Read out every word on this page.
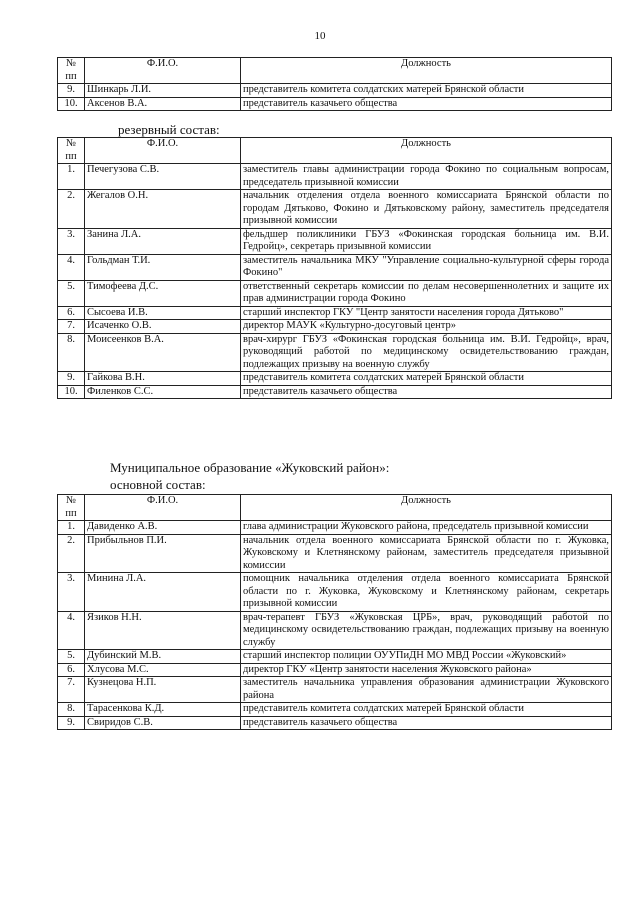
10
№ пп	Ф.И.О.	Должность
9.	Шинкарь Л.И.	представитель комитета солдатских матерей Брянской области
10.	Аксенов В.А.	представитель казачьего общества
резервный состав:
№ пп	Ф.И.О.	Должность
1.	Печегузова С.В.	заместитель главы администрации города Фокино по социальным вопросам, председатель призывной комиссии
2.	Жегалов О.Н.	начальник отделения отдела военного комиссариата Брянской области по городам Дятьково, Фокино и Дятьковскому району, заместитель председателя призывной комиссии
3.	Занина Л.А.	фельдшер поликлиники ГБУЗ «Фокинская городская больница им. В.И. Гедройц», секретарь призывной комиссии
4.	Гольдман Т.И.	заместитель начальника МКУ "Управление социально-культурной сферы города Фокино"
5.	Тимофеева Д.С.	ответственный секретарь комиссии по делам несовершеннолетних и защите их прав администрации города Фокино
6.	Сысоева И.В.	старший инспектор ГКУ "Центр занятости населения города Дятьково"
7.	Исаченко О.В.	директор МАУК «Культурно-досуговый центр»
8.	Моисеенков В.А.	врач-хирург ГБУЗ «Фокинская городская больница им. В.И. Гедройц», врач, руководящий работой по медицинскому освидетельствованию граждан, подлежащих призыву на военную службу
9.	Гайкова В.Н.	представитель комитета солдатских матерей Брянской области
10.	Филенков С.С.	представитель казачьего общества
Муниципальное образование «Жуковский район»:
основной состав:
№ пп	Ф.И.О.	Должность
1.	Давиденко А.В.	глава администрации Жуковского района, председатель призывной комиссии
2.	Прибыльнов П.И.	начальник отдела военного комиссариата Брянской области по г. Жуковка, Жуковскому и Клетнянскому районам, заместитель председателя призывной комиссии
3.	Минина Л.А.	помощник начальника отделения отдела военного комиссариата Брянской области по г. Жуковка, Жуковскому и Клетнянскому районам, секретарь призывной комиссии
4.	Язиков Н.Н.	врач-терапевт ГБУЗ «Жуковская ЦРБ», врач, руководящий работой по медицинскому освидетельствованию граждан, подлежащих призыву на военную службу
5.	Дубинский М.В.	старший инспектор полиции ОУУПиДН МО МВД России «Жуковский»
6.	Хлусова М.С.	директор ГКУ «Центр занятости населения Жуковского района»
7.	Кузнецова Н.П.	заместитель начальника управления образования администрации Жуковского района
8.	Тарасенкова К.Д.	представитель комитета солдатских матерей Брянской области
9.	Свиридов С.В.	представитель казачьего общества
